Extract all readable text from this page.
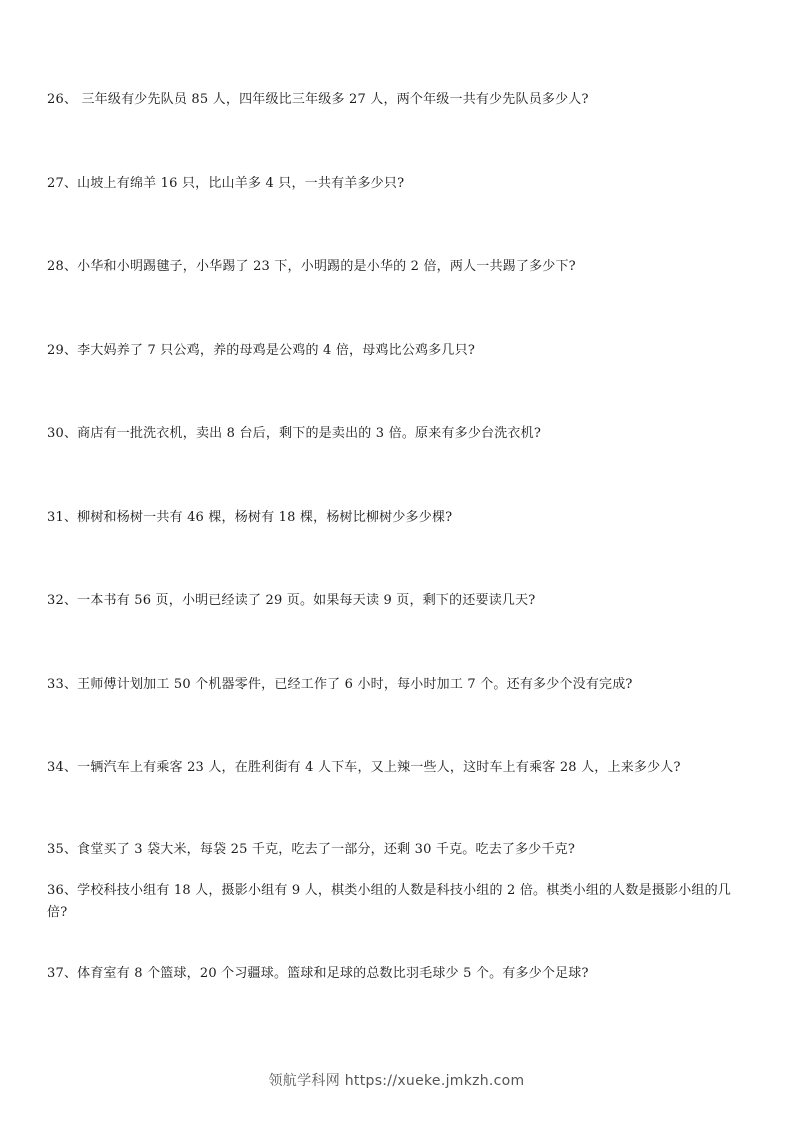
26、 三年级有少先队员 85 人，四年级比三年级多 27 人，两个年级一共有少先队员多少人?
27、山坡上有绵羊 16 只，比山羊多 4 只，一共有羊多少只?
28、小华和小明踢毽子，小华踢了 23 下，小明踢的是小华的 2 倍，两人一共踢了多少下?
29、李大妈养了 7 只公鸡，养的母鸡是公鸡的 4 倍，母鸡比公鸡多几只?
30、商店有一批洗衣机，卖出 8 台后，剩下的是卖出的 3 倍。原来有多少台洗衣机?
31、柳树和杨树一共有 46 棵，杨树有 18 棵，杨树比柳树少多少棵?
32、一本书有 56 页，小明已经读了 29 页。如果每天读 9 页，剩下的还要读几天?
33、王师傅计划加工 50 个机器零件，已经工作了 6 小时，每小时加工 7 个。还有多少个没有完成?
34、一辆汽车上有乘客 23 人，在胜利街有 4 人下车，又上辣一些人，这时车上有乘客 28 人，上来多少人?
35、食堂买了 3 袋大米，每袋 25 千克，吃去了一部分，还剩 30 千克。吃去了多少千克?
36、学校科技小组有 18 人，摄影小组有 9 人，棋类小组的人数是科技小组的 2 倍。棋类小组的人数是摄影小组的几倍?
37、体育室有 8 个篮球，20 个习疆球。篮球和足球的总数比羽毛球少 5 个。有多少个足球?
领航学科网 https://xueke.jmkzh.com
